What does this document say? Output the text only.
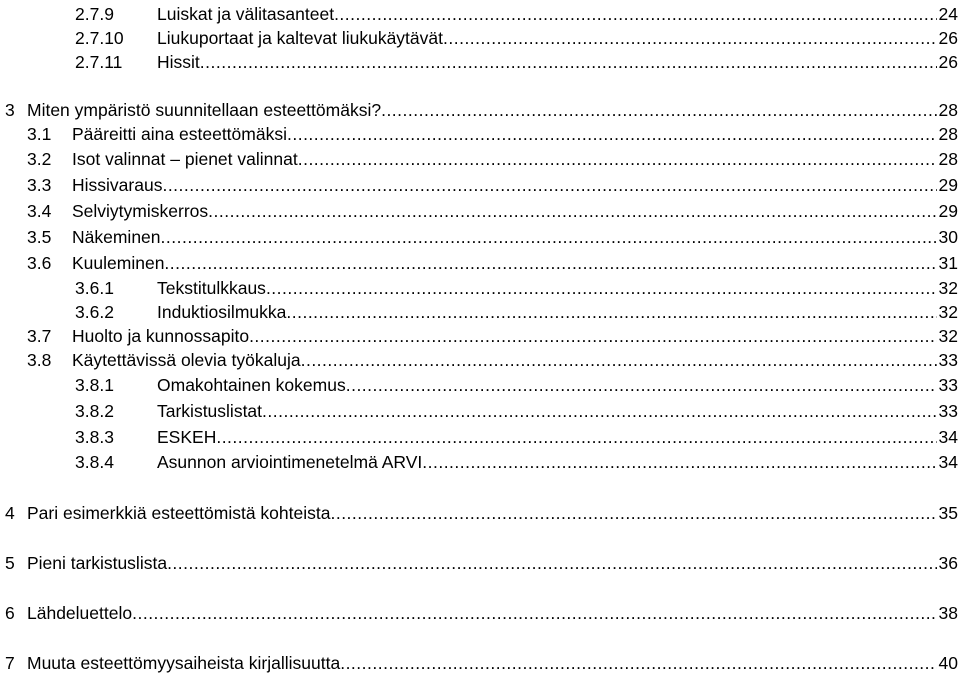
2.7.9 Luiskat ja välitasanteet .....	24
2.7.10 Liukuportaat ja kaltevat liukukäytävät .....	26
2.7.11 Hissit .....	26
3 Miten ympäristö suunnitellaan esteettömäksi? .....	28
3.1 Pääreitti aina esteettömäksi .....	28
3.2 Isot valinnat – pienet valinnat .....	28
3.3 Hissivaraus .....	29
3.4 Selviytymiskerros .....	29
3.5 Näkeminen .....	30
3.6 Kuuleminen .....	31
3.6.1 Tekstitulkkaus .....	32
3.6.2 Induktiosilmukka .....	32
3.7 Huolto ja kunnossapito .....	32
3.8 Käytettävissä olevia työkaluja .....	33
3.8.1 Omakohtainen kokemus .....	33
3.8.2 Tarkistuslistat .....	33
3.8.3 ESKEH .....	34
3.8.4 Asunnon arviointimenetelmä ARVI .....	34
4 Pari esimerkkiä esteettömistä kohteista .....	35
5 Pieni tarkistuslista .....	36
6 Lähdeluettelo .....	38
7 Muuta esteettömyysaiheista kirjallisuutta .....	40
